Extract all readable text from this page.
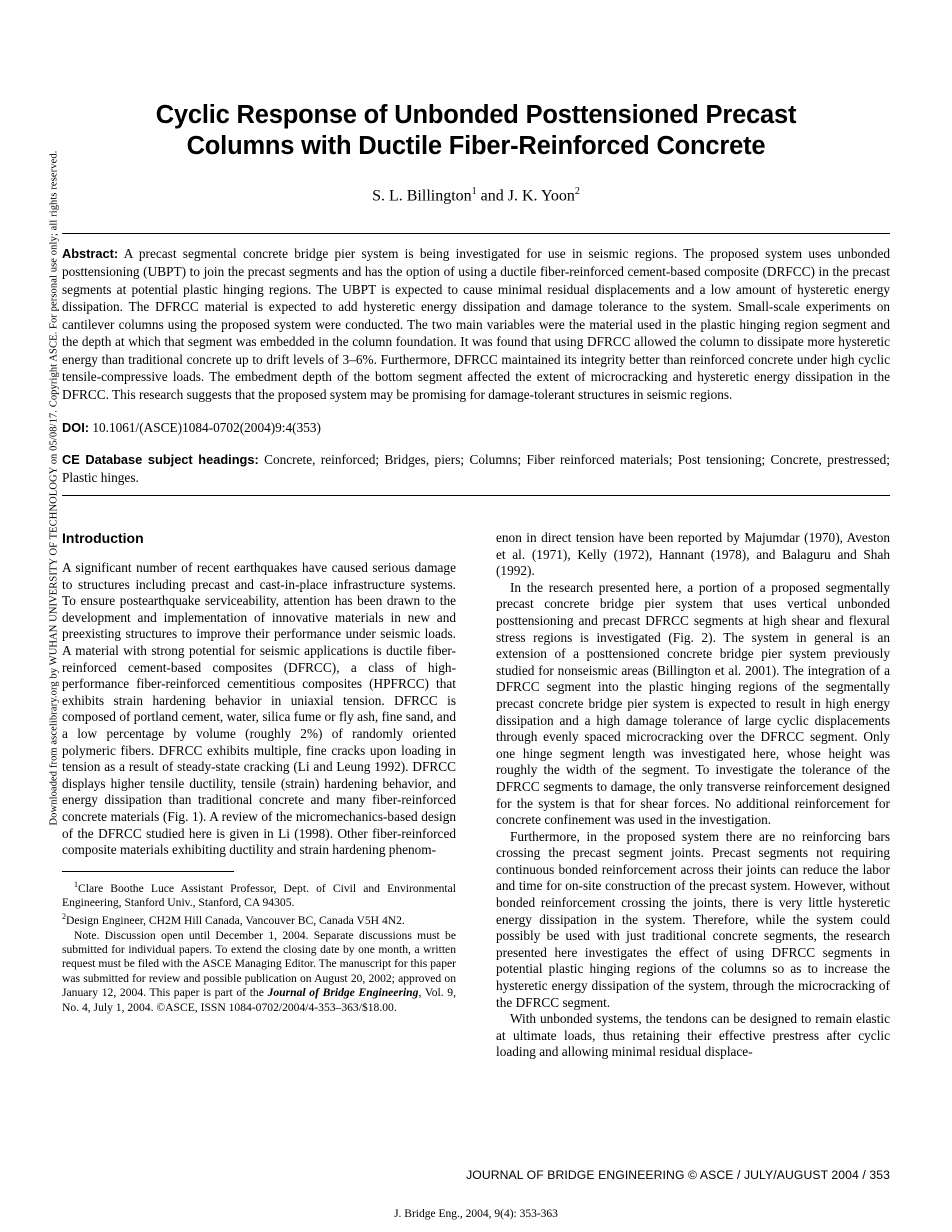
Downloaded from ascelibrary.org by WUHAN UNIVERSITY OF TECHNOLOGY on 05/08/17. Copyright ASCE. For personal use only; all rights reserved.
Cyclic Response of Unbonded Posttensioned Precast
Columns with Ductile Fiber-Reinforced Concrete

S. L. Billington$^1$ and J. K. Yoon$^2$

Abstract: A precast segmental concrete bridge pier system is being investigated for use in seismic regions. The proposed system uses unbonded posttensioning (UBPT) to join the precast segments and has the option of using a ductile fiber-reinforced cement-based composite (DRFCC) in the precast segments at potential plastic hinging regions. The UBPT is expected to cause minimal residual displacements and a low amount of hysteretic energy dissipation. The DFRCC material is expected to add hysteretic energy dissipation and damage tolerance to the system. Small-scale experiments on cantilever columns using the proposed system were conducted. The two main variables were the material used in the plastic hinging region segment and the depth at which that segment was embedded in the column foundation. It was found that using DFRCC allowed the column to dissipate more hysteretic energy than traditional concrete up to drift levels of 3–6%. Furthermore, DFRCC maintained its integrity better than reinforced concrete under high cyclic tensile-compressive loads. The embedment depth of the bottom segment affected the extent of microcracking and hysteretic energy dissipation in the DFRCC. This research suggests that the proposed system may be promising for damage-tolerant structures in seismic regions.

DOI: 10.1061/(ASCE)1084-0702(2004)9:4(353)

CE Database subject headings: Concrete, reinforced; Bridges, piers; Columns; Fiber reinforced materials; Post tensioning; Concrete, prestressed; Plastic hinges.

Introduction

A significant number of recent earthquakes have caused serious damage to structures including precast and cast-in-place infrastructure systems. To ensure postearthquake serviceability, attention has been drawn to the development and implementation of innovative materials in new and preexisting structures to improve their performance under seismic loads. A material with strong potential for seismic applications is ductile fiber-reinforced cement-based composites (DFRCC), a class of high-performance fiber-reinforced cementitious composites (HPFRCC) that exhibits strain hardening behavior in uniaxial tension. DFRCC is composed of portland cement, water, silica fume or fly ash, fine sand, and a low percentage by volume (roughly 2%) of randomly oriented polymeric fibers. DFRCC exhibits multiple, fine cracks upon loading in tension as a result of steady-state cracking (Li and Leung 1992). DFRCC displays higher tensile ductility, tensile (strain) hardening behavior, and energy dissipation than traditional concrete and many fiber-reinforced concrete materials (Fig. 1). A review of the micromechanics-based design of the DFRCC studied here is given in Li (1998). Other fiber-reinforced composite materials exhibiting ductility and strain hardening phenom-

$^1$Clare Boothe Luce Assistant Professor, Dept. of Civil and Environmental Engineering, Stanford Univ., Stanford, CA 94305.

$^2$Design Engineer, CH2M Hill Canada, Vancouver BC, Canada V5H 4N2.

Note. Discussion open until December 1, 2004. Separate discussions must be submitted for individual papers. To extend the closing date by one month, a written request must be filed with the ASCE Managing Editor. The manuscript for this paper was submitted for review and possible publication on August 20, 2002; approved on January 12, 2004. This paper is part of the Journal of Bridge Engineering, Vol. 9, No. 4, July 1, 2004. ©ASCE, ISSN 1084-0702/2004/4-353–363/$18.00.

enon in direct tension have been reported by Majumdar (1970), Aveston et al. (1971), Kelly (1972), Hannant (1978), and Balaguru and Shah (1992).

In the research presented here, a portion of a proposed segmentally precast concrete bridge pier system that uses vertical unbonded posttensioning and precast DFRCC segments at high shear and flexural stress regions is investigated (Fig. 2). The system in general is an extension of a posttensioned concrete bridge pier system previously studied for nonseismic areas (Billington et al. 2001). The integration of a DFRCC segment into the plastic hinging regions of the segmentally precast concrete bridge pier system is expected to result in high energy dissipation and a high damage tolerance of large cyclic displacements through evenly spaced microcracking over the DFRCC segment. Only one hinge segment length was investigated here, whose height was roughly the width of the segment. To investigate the tolerance of the DFRCC segments to damage, the only transverse reinforcement designed for the system is that for shear forces. No additional reinforcement for concrete confinement was used in the investigation.

Furthermore, in the proposed system there are no reinforcing bars crossing the precast segment joints. Precast segments not requiring continuous bonded reinforcement across their joints can reduce the labor and time for on-site construction of the precast system. However, without bonded reinforcement crossing the joints, there is very little hysteretic energy dissipation in the system. Therefore, while the system could possibly be used with just traditional concrete segments, the research presented here investigates the effect of using DFRCC segments in potential plastic hinging regions of the columns so as to increase the hysteretic energy dissipation of the system, through the microcracking of the DFRCC segment.

With unbonded systems, the tendons can be designed to remain elastic at ultimate loads, thus retaining their effective prestress after cyclic loading and allowing minimal residual displace-

JOURNAL OF BRIDGE ENGINEERING © ASCE / JULY/AUGUST 2004 / 353
J. Bridge Eng., 2004, 9(4): 353-363
